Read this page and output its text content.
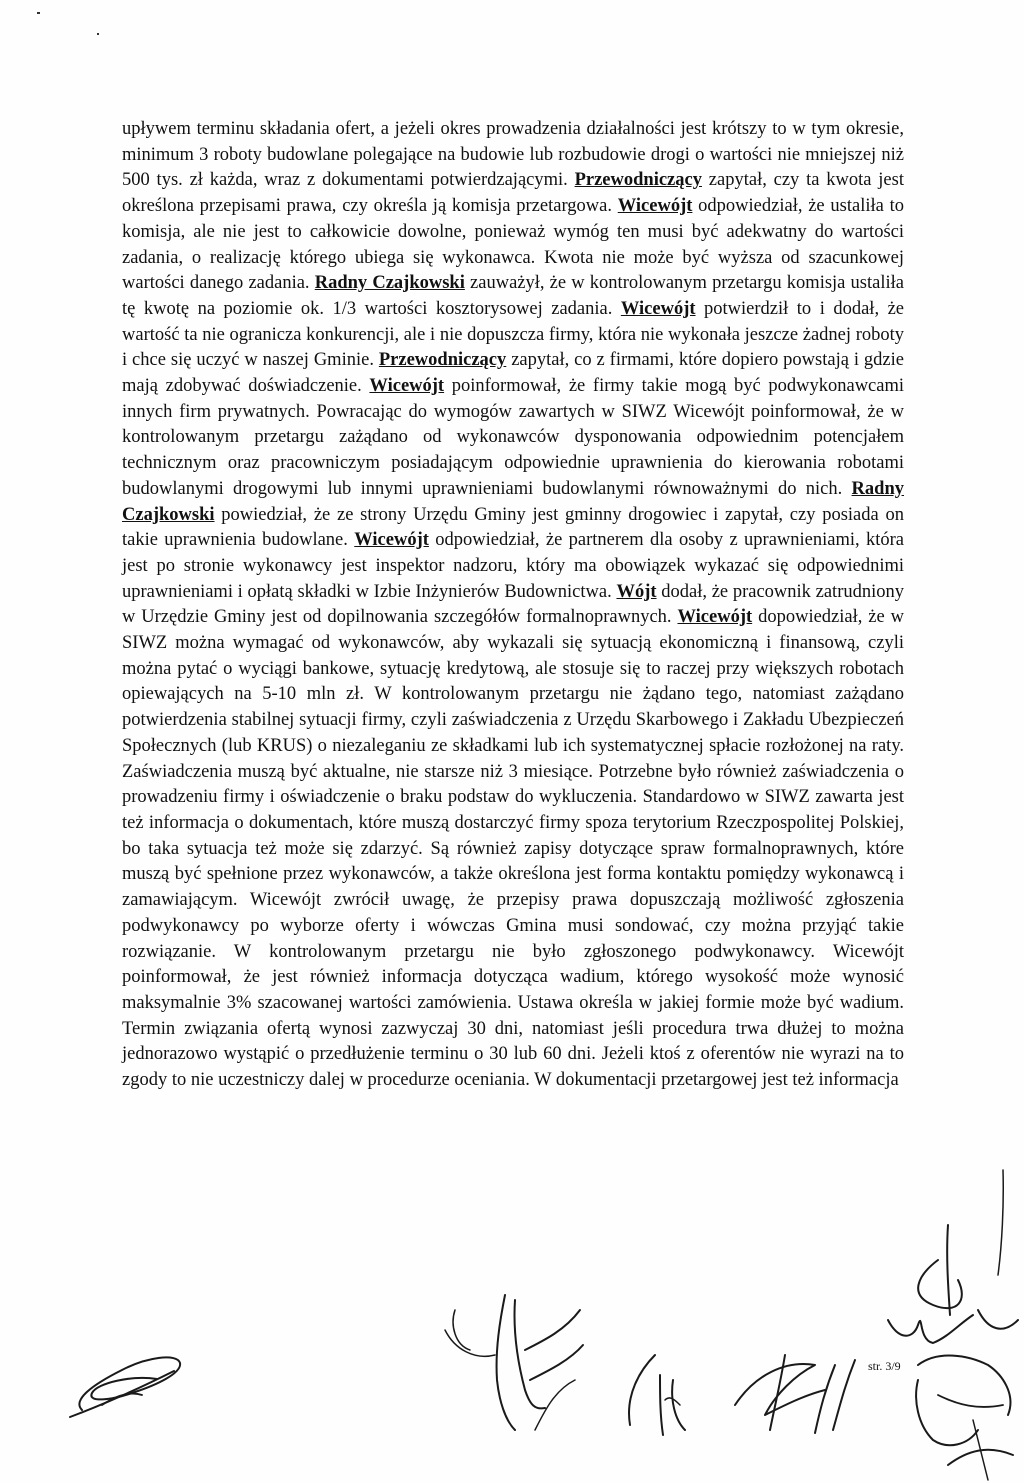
upływem terminu składania ofert, a jeżeli okres prowadzenia działalności jest krótszy to w tym okresie, minimum 3 roboty budowlane polegające na budowie lub rozbudowie drogi o wartości nie mniejszej niż 500 tys. zł każda, wraz z dokumentami potwierdzającymi. Przewodniczący zapytał, czy ta kwota jest określona przepisami prawa, czy określa ją komisja przetargowa. Wicewójt odpowiedział, że ustaliła to komisja, ale nie jest to całkowicie dowolne, ponieważ wymóg ten musi być adekwatny do wartości zadania, o realizację którego ubiega się wykonawca. Kwota nie może być wyższa od szacunkowej wartości danego zadania. Radny Czajkowski zauważył, że w kontrolowanym przetargu komisja ustaliła tę kwotę na poziomie ok. 1/3 wartości kosztorysowej zadania. Wicewójt potwierdził to i dodał, że wartość ta nie ogranicza konkurencji, ale i nie dopuszcza firmy, która nie wykonała jeszcze żadnej roboty i chce się uczyć w naszej Gminie. Przewodniczący zapytał, co z firmami, które dopiero powstają i gdzie mają zdobywać doświadczenie. Wicewójt poinformował, że firmy takie mogą być podwykonawcami innych firm prywatnych. Powracając do wymogów zawartych w SIWZ Wicewójt poinformował, że w kontrolowanym przetargu zażądano od wykonawców dysponowania odpowiednim potencjałem technicznym oraz pracowniczym posiadającym odpowiednie uprawnienia do kierowania robotami budowlanymi drogowymi lub innymi uprawnieniami budowlanymi równoważnymi do nich. Radny Czajkowski powiedział, że ze strony Urzędu Gminy jest gminny drogowiec i zapytał, czy posiada on takie uprawnienia budowlane. Wicewójt odpowiedział, że partnerem dla osoby z uprawnieniami, która jest po stronie wykonawcy jest inspektor nadzoru, który ma obowiązek wykazać się odpowiednimi uprawnieniami i opłatą składki w Izbie Inżynierów Budownictwa. Wójt dodał, że pracownik zatrudniony w Urzędzie Gminy jest od dopilnowania szczegółów formalnoprawnych. Wicewójt dopowiedział, że w SIWZ można wymagać od wykonawców, aby wykazali się sytuacją ekonomiczną i finansową, czyli można pytać o wyciągi bankowe, sytuację kredytową, ale stosuje się to raczej przy większych robotach opiewających na 5-10 mln zł. W kontrolowanym przetargu nie żądano tego, natomiast zażądano potwierdzenia stabilnej sytuacji firmy, czyli zaświadczenia z Urzędu Skarbowego i Zakładu Ubezpieczeń Społecznych (lub KRUS) o niezaleganiu ze składkami lub ich systematycznej spłacie rozłożonej na raty. Zaświadczenia muszą być aktualne, nie starsze niż 3 miesiące. Potrzebne było również zaświadczenia o prowadzeniu firmy i oświadczenie o braku podstaw do wykluczenia. Standardowo w SIWZ zawarta jest też informacja o dokumentach, które muszą dostarczyć firmy spoza terytorium Rzeczpospolitej Polskiej, bo taka sytuacja też może się zdarzyć. Są również zapisy dotyczące spraw formalnoprawnych, które muszą być spełnione przez wykonawców, a także określona jest forma kontaktu pomiędzy wykonawcą i zamawiającym. Wicewójt zwrócił uwagę, że przepisy prawa dopuszczają możliwość zgłoszenia podwykonawcy po wyborze oferty i wówczas Gmina musi sondować, czy można przyjąć takie rozwiązanie. W kontrolowanym przetargu nie było zgłoszonego podwykonawcy. Wicewójt poinformował, że jest również informacja dotycząca wadium, którego wysokość może wynosić maksymalnie 3% szacowanej wartości zamówienia. Ustawa określa w jakiej formie może być wadium. Termin związania ofertą wynosi zazwyczaj 30 dni, natomiast jeśli procedura trwa dłużej to można jednorazowo wystąpić o przedłużenie terminu o 30 lub 60 dni. Jeżeli ktoś z oferentów nie wyrazi na to zgody to nie uczestniczy dalej w procedurze oceniania. W dokumentacji przetargowej jest też informacja

str. 3/9
